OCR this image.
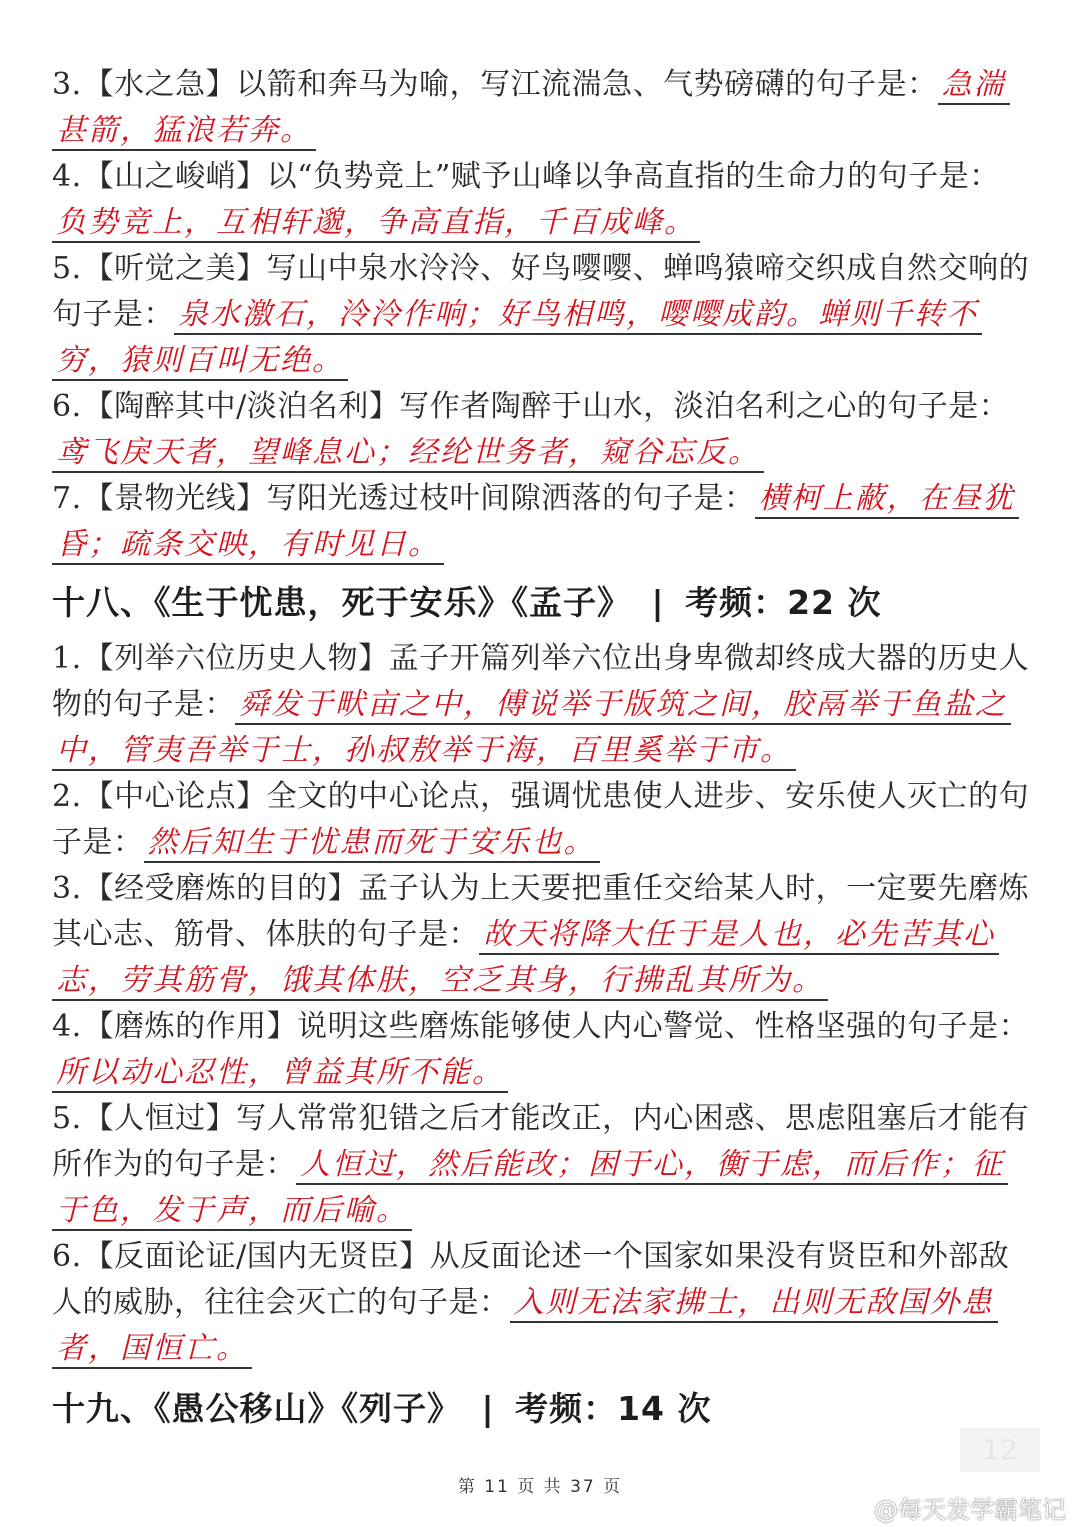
3.【水之急】以箭和奔马为喻，写江流湍急、气势磅礴的句子是： 急湍甚箭，猛浪若奔。

4.【山之峻峭】以“负势竞上”赋予山峰以争高直指的生命力的句子是：负势竞上，互相轩邈，争高直指，千百成峰。

5.【听觉之美】写山中泉水泠泠、好鸟嘤嘤、蝉鸣猿啼交织成自然交响的句子是： 泉水激石，泠泠作响；好鸟相鸣，嘤嘤成韵。蝉则千转不穷，猿则百叫无绝。

6.【陶醉其中/淡泊名利】写作者陶醉于山水，淡泊名利之心的句子是：鸢飞戾天者，望峰息心；经纶世务者，窥谷忘反。

7.【景物光线】写阳光透过枝叶间隙洒落的句子是： 横柯上蔽，在昼犹昏；疏条交映，有时见日。

十八、《生于忧患，死于安乐》《孟子》 | 考频：22 次

1.【列举六位历史人物】孟子开篇列举六位出身卑微却终成大器的历史人物的句子是： 舜发于畎亩之中，傅说举于版筑之间，胶鬲举于鱼盐之中，管夷吾举于士，孙叔敖举于海，百里奚举于市。

2.【中心论点】全文的中心论点，强调忧患使人进步、安乐使人灭亡的句子是： 然后知生于忧患而死于安乐也。

3.【经受磨炼的目的】孟子认为上天要把重任交给某人时，一定要先磨炼其心志、筋骨、体肤的句子是： 故天将降大任于是人也，必先苦其心志，劳其筋骨，饿其体肤，空乏其身，行拂乱其所为。

4.【磨炼的作用】说明这些磨炼能够使人内心警觉、性格坚强的句子是：所以动心忍性，曾益其所不能。

5.【人恒过】写人常常犯错之后才能改正，内心困惑、思虑阻塞后才能有所作为的句子是： 人恒过，然后能改；困于心，衡于虑，而后作；征于色，发于声，而后喻。

6.【反面论证/国内无贤臣】从反面论述一个国家如果没有贤臣和外部敌人的威胁，往往会灭亡的句子是： 入则无法家拂士，出则无敌国外患者，国恒亡。

十九、《愚公移山》《列子》 | 考频：14 次
12
第 11 页 共 37 页
@每天发学霸笔记
